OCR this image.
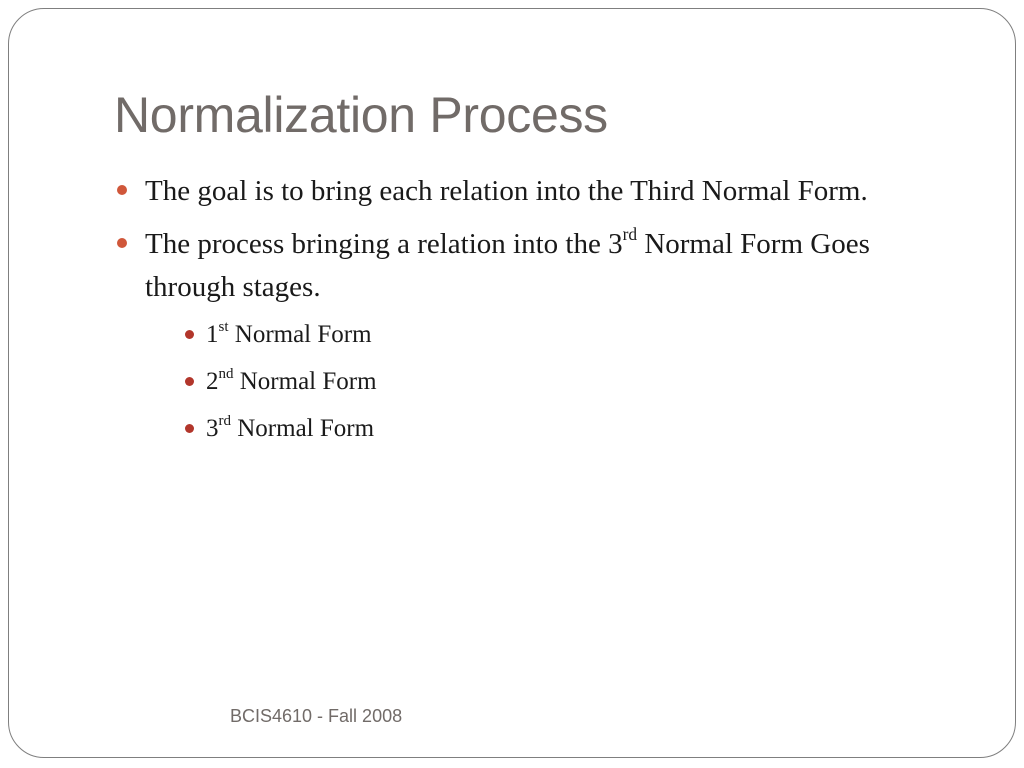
Normalization Process
The goal is to bring each relation into the Third Normal Form.
The process bringing a relation into the 3rd Normal Form Goes through stages.
1st Normal Form
2nd Normal Form
3rd Normal Form
BCIS4610 - Fall 2008
